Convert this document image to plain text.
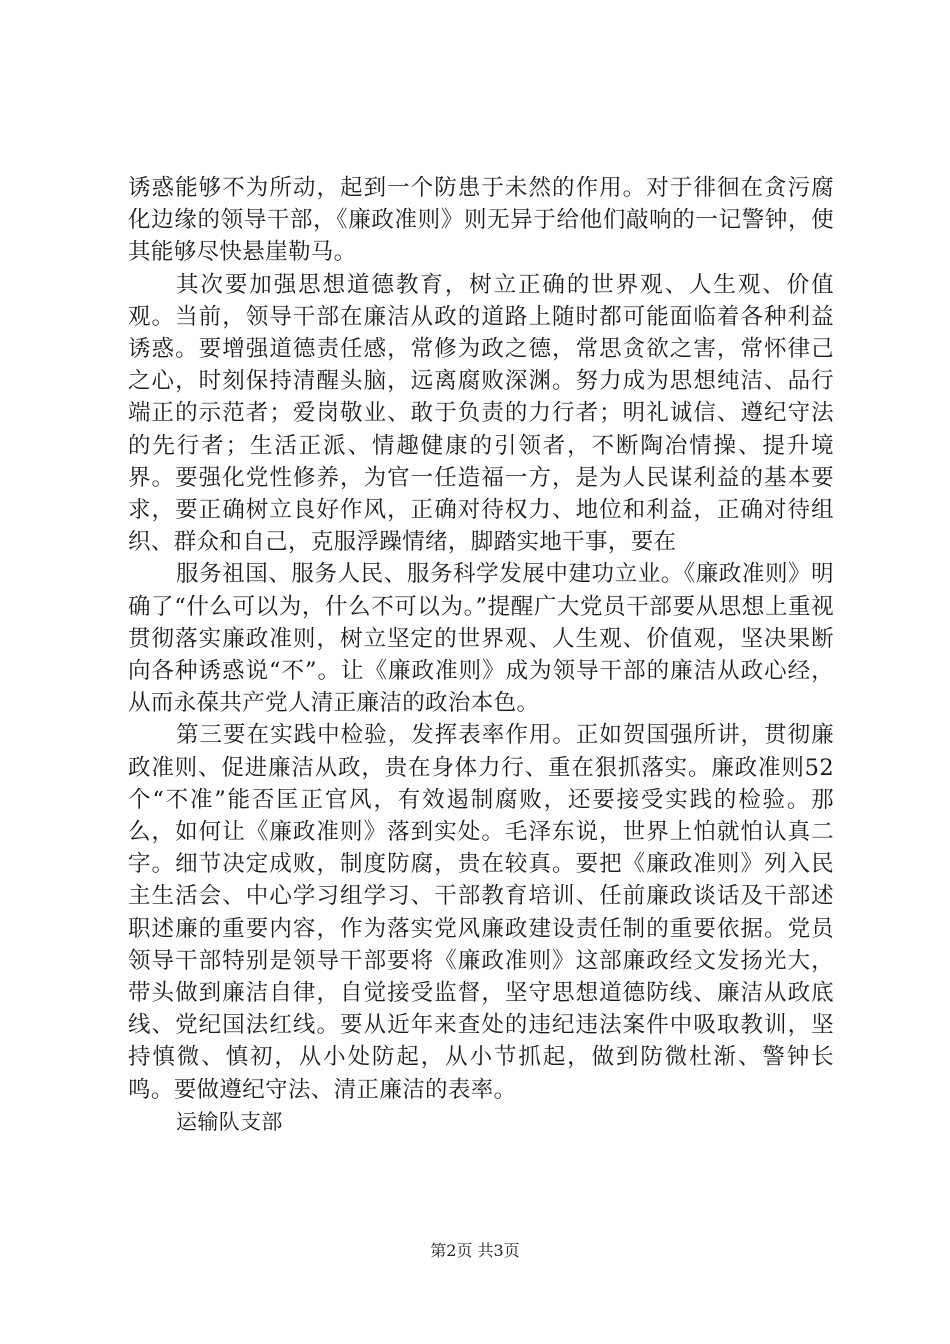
诱惑能够不为所动，起到一个防患于未然的作用。对于徘徊在贪污腐化边缘的领导干部，《廉政准则》则无异于给他们敲响的一记警钟，使其能够尽快悬崖勒马。

其次要加强思想道德教育，树立正确的世界观、人生观、价值观。当前，领导干部在廉洁从政的道路上随时都可能面临着各种利益诱惑。要增强道德责任感，常修为政之德，常思贪欲之害，常怀律己之心，时刻保持清醒头脑，远离腐败深渊。努力成为思想纯洁、品行端正的示范者；爱岗敬业、敢于负责的力行者；明礼诚信、遵纪守法的先行者；生活正派、情趣健康的引领者，不断陶冶情操、提升境界。要强化党性修养，为官一任造福一方，是为人民谋利益的基本要求，要正确树立良好作风，正确对待权力、地位和利益，正确对待组织、群众和自己，克服浮躁情绪，脚踏实地干事，要在

服务祖国、服务人民、服务科学发展中建功立业。《廉政准则》明确了“什么可以为，什么不可以为。”提醒广大党员干部要从思想上重视贯彻落实廉政准则，树立坚定的世界观、人生观、价值观，坚决果断向各种诱惑说“不”。让《廉政准则》成为领导干部的廉洁从政心经，从而永葆共产党人清正廉洁的政治本色。

第三要在实践中检验，发挥表率作用。正如贺国强所讲，贯彻廉政准则、促进廉洁从政，贵在身体力行、重在狠抓落实。廉政准则52个“不准”能否匡正官风，有效遏制腐败，还要接受实践的检验。那么，如何让《廉政准则》落到实处。毛泽东说，世界上怕就怕认真二字。细节决定成败，制度防腐，贵在较真。要把《廉政准则》列入民主生活会、中心学习组学习、干部教育培训、任前廉政谈话及干部述职述廉的重要内容，作为落实党风廉政建设责任制的重要依据。党员领导干部特别是领导干部要将《廉政准则》这部廉政经文发扬光大，带头做到廉洁自律，自觉接受监督，坚守思想道德防线、廉洁从政底线、党纪国法红线。要从近年来查处的违纪违法案件中吸取教训，坚持慎微、慎初，从小处防起，从小节抓起，做到防微杜渐、警钟长鸣。要做遵纪守法、清正廉洁的表率。

运输队支部

第2页 共3页
